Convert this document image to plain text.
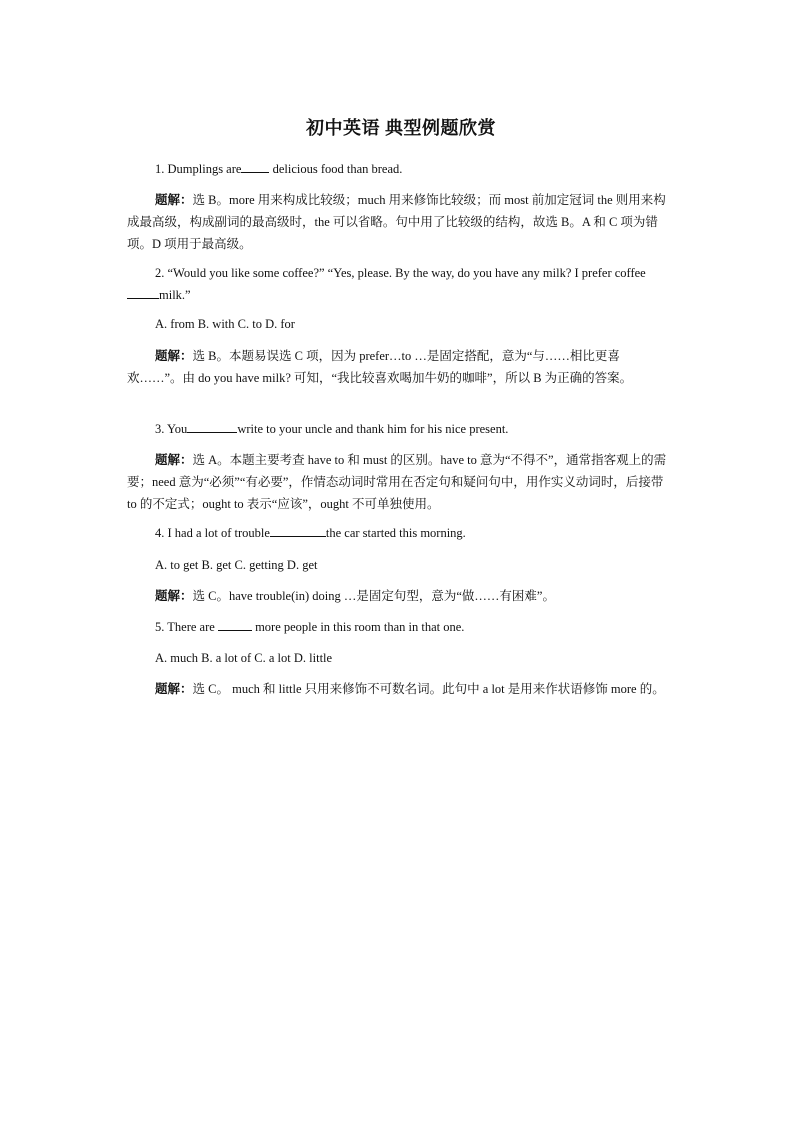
初中英语 典型例题欣赏
1. Dumplings are delicious food than bread.
题解：选 B。more 用来构成比较级；much 用来修饰比较级；而 most 前加定冠词 the 则用来构成最高级，构成副词的最高级时，the 可以省略。句中用了比较级的结构，故选 B。A 和 C 项为错项。D 项用于最高级。
2. “Would you like some coffee?” “Yes, please. By the way, do you have any milk? I prefer coffee milk.”
A. from B. with C. to D. for
题解：选 B。本题易误选 C 项，因为 prefer…to …是固定搭配，意为“与……相比更喜欢……”。由 do you have milk? 可知，“我比较喜欢喝加牛奶的咖啡”，所以 B 为正确的答案。
3. You	write to your uncle and thank him for his nice present.
题解：选 A。本题主要考查 have to 和 must 的区别。have to 意为“不得不”，通常指客观上的需要；need 意为“必须”“有必要”，作情态动词时常用在否定句和疑问句中，用作实义动词时，后接带 to 的不定式；ought to 表示“应该”，ought 不可单独使用。
4. I had a lot of trouble	the car started this morning.
A. to get B. get C. getting D. get
题解：选 C。have trouble(in) doing …是固定句型，意为“做……有困难”。
5. There are	more people in this room than in that one.
A. much B. a lot of C. a lot D. little
题解：选 C。 much 和 little 只用来修饰不可数名词。此句中 a lot 是用来作状语修饰 more 的。
